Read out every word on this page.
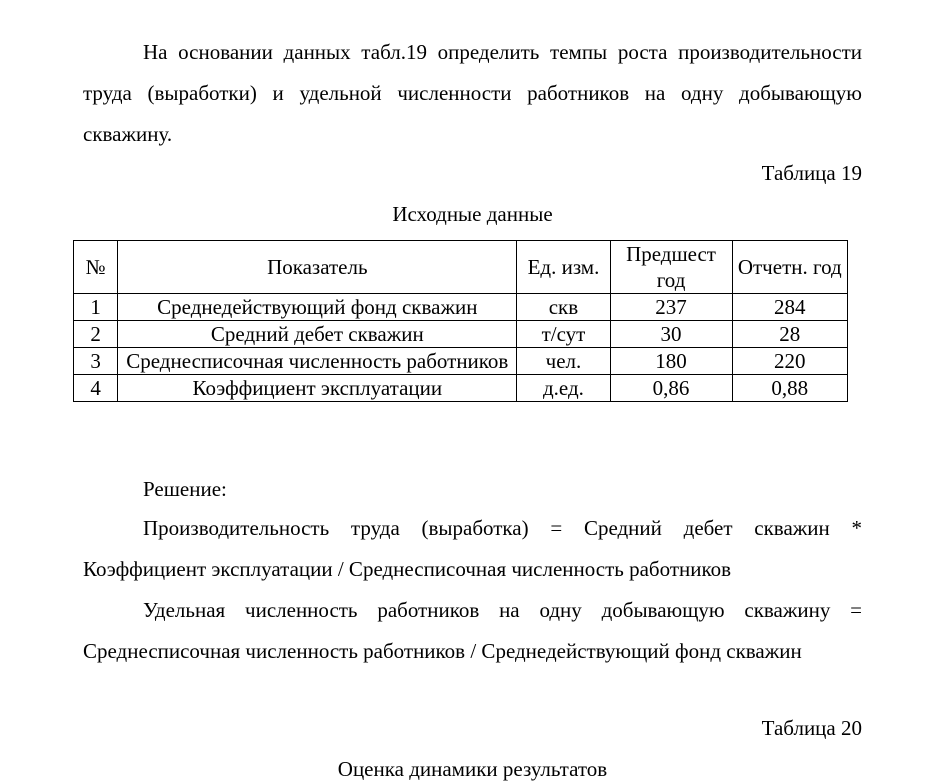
На основании данных табл.19 определить темпы роста производительности труда (выработки) и удельной численности работников на одну добывающую скважину.

Таблица 19

Исходные данные

№	Показатель	Ед. изм.	Предшест год	Отчетн. год
1	Среднедействующий фонд скважин	скв	237	284
2	Средний дебет скважин	т/сут	30	28
3	Среднесписочная численность работников	чел.	180	220
4	Коэффициент эксплуатации	д.ед.	0,86	0,88

Решение:

Производительность труда (выработка) = Средний дебет скважин * Коэффициент эксплуатации / Среднесписочная численность работников

Удельная численность работников на одну добывающую скважину = Среднесписочная численность работников / Среднедействующий фонд скважин

Таблица 20

Оценка динамики результатов
